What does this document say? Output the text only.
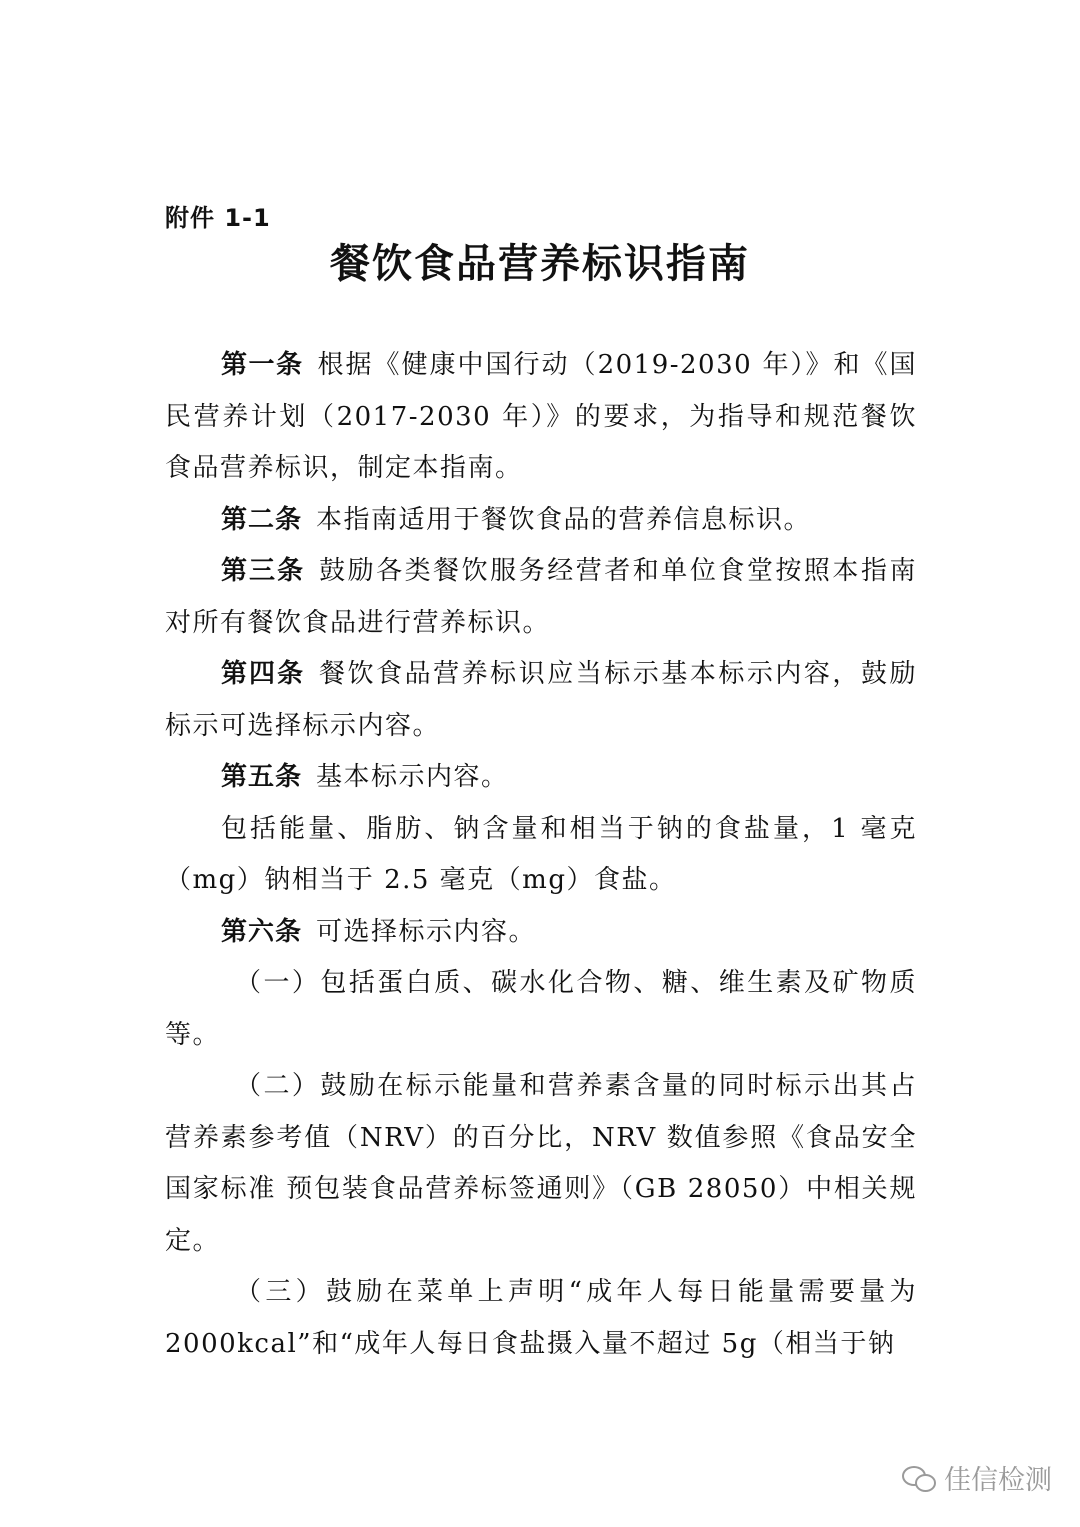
附件 1-1
餐饮食品营养标识指南

第一条 根据《健康中国行动（2019-2030 年）》和《国民营养计划（2017-2030 年）》的要求，为指导和规范餐饮食品营养标识，制定本指南。

第二条 本指南适用于餐饮食品的营养信息标识。

第三条 鼓励各类餐饮服务经营者和单位食堂按照本指南对所有餐饮食品进行营养标识。

第四条 餐饮食品营养标识应当标示基本标示内容，鼓励标示可选择标示内容。

第五条 基本标示内容。

包括能量、脂肪、钠含量和相当于钠的食盐量，1 毫克（mg）钠相当于 2.5 毫克（mg）食盐。

第六条 可选择标示内容。

（一）包括蛋白质、碳水化合物、糖、维生素及矿物质等。

（二）鼓励在标示能量和营养素含量的同时标示出其占营养素参考值（NRV）的百分比，NRV 数值参照《食品安全国家标准 预包装食品营养标签通则》（GB 28050）中相关规定。

（三）鼓励在菜单上声明“成年人每日能量需要量为 2000kcal”和“成年人每日食盐摄入量不超过 5g（相当于钠

佳信检测
